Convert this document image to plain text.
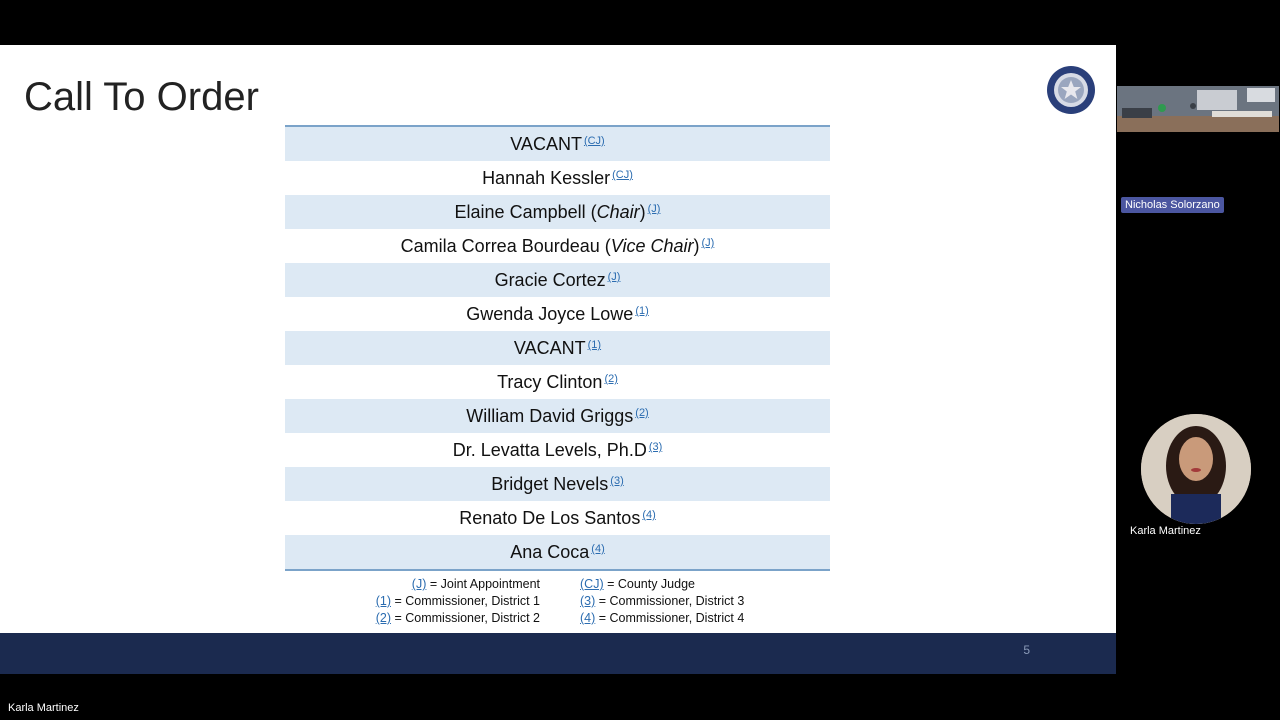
Call To Order
$VACANT^{(CJ)}$
Hannah Kessler$^{(CJ)}$
Elaine Campbell ( Chair )$^{(J)}$
Camila Correa Bourdeau ( Vice Chair )$^{(J)}$
Gracie Cortez$^{(J)}$
Gwenda Joyce Lowe$^{(1)}$
VACANT$^{(1)}$
Tracy Clinton$^{(2)}$
William David Griggs$^{(2)}$
Dr. Levatta Levels, $Ph.D^{(3)}$
Bridget Nevels$^{(3)}$
Renato De Los Santos$^{(4)}$
Ana Coca$^{(4)}$
(J) = Joint Appointment
(1) = Commissioner, District 1
(2) = Commissioner, District 2
(CJ) = County Judge
(3) = Commissioner, District 3
(4) = Commissioner, District 4
5
Nicholas Solorzano
Karla Martinez
Karla Martinez
